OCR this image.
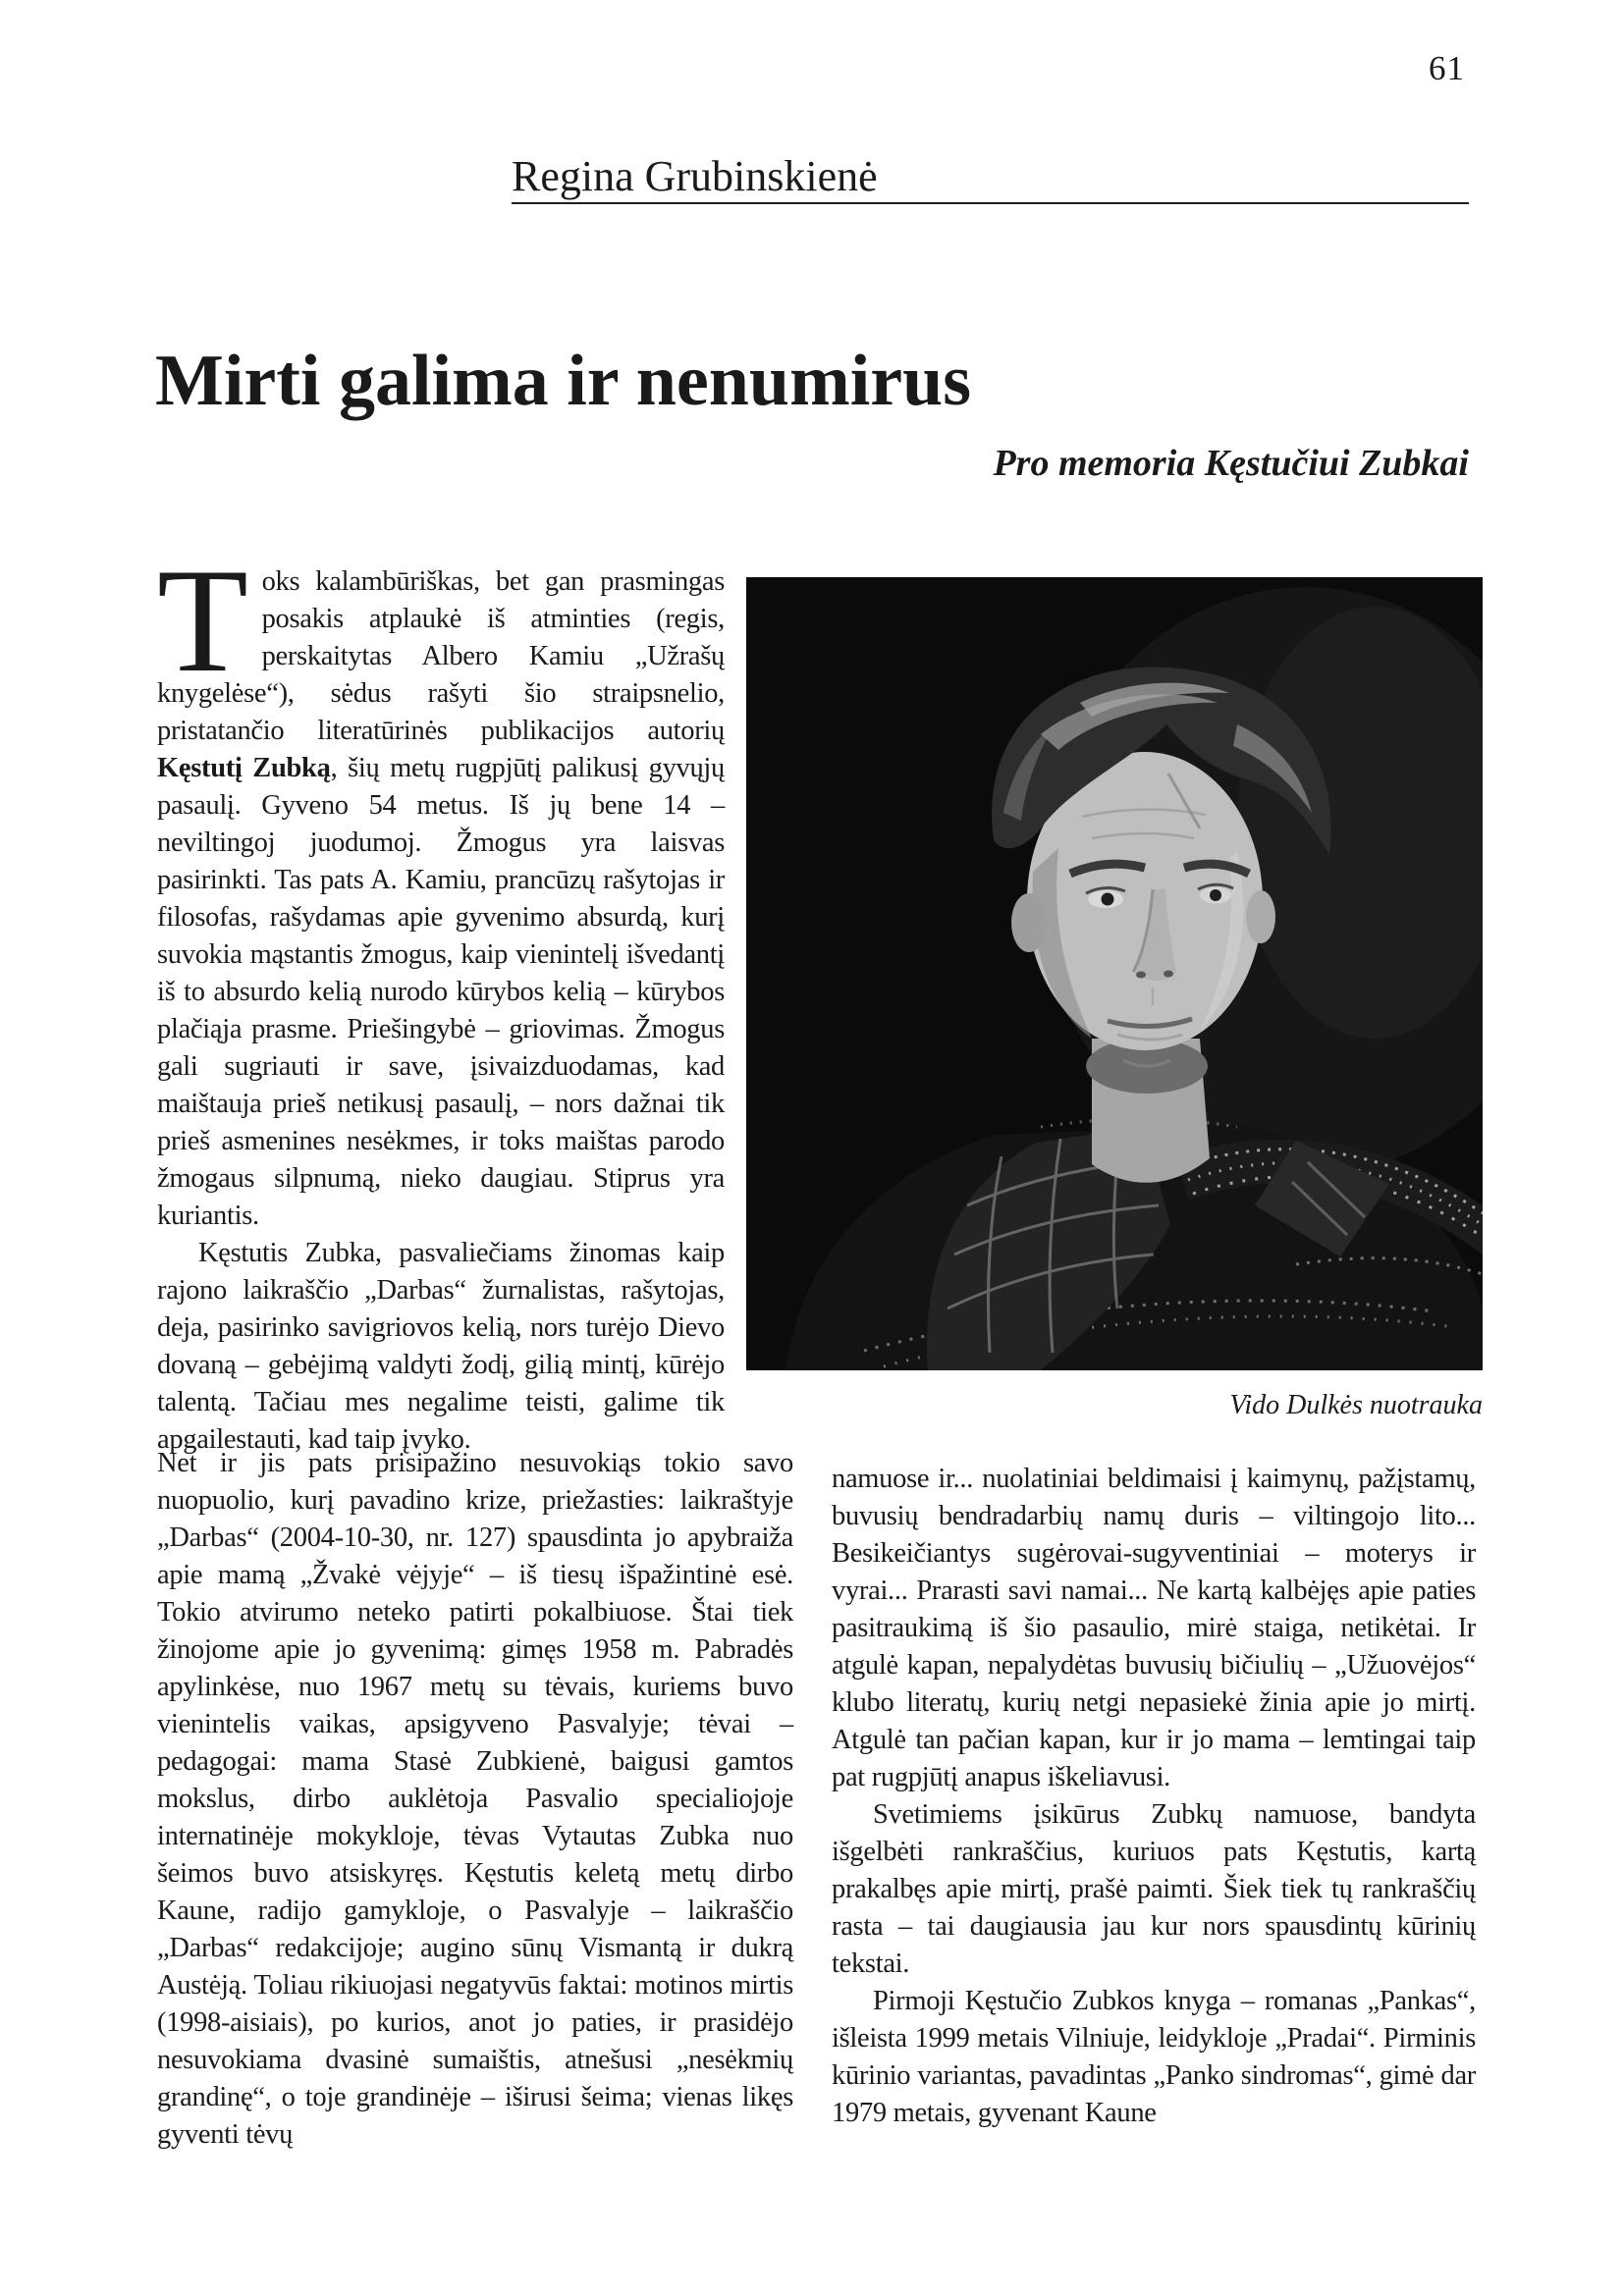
61
Regina Grubinskienė
Mirti galima ir nenumirus
Pro memoria Kęstučiui Zubkai

Toks kalambūriškas, bet gan prasmingas posakis atplaukė iš atminties (regis, perskaitytas Albero Kamiu „Užrašų knygelėse“), sėdus rašyti šio straipsnelio, pristatančio literatūrinės publikacijos autorių Kęstutį Zubką, šių metų rugpjūtį palikusį gyvųjų pasaulį. Gyveno 54 metus. Iš jų bene 14 – neviltingoj juodumoj. Žmogus yra laisvas pasirinkti. Tas pats A. Kamiu, prancūzų rašytojas ir filosofas, rašydamas apie gyvenimo absurdą, kurį suvokia mąstantis žmogus, kaip vienintelį išvedantį iš to absurdo kelią nurodo kūrybos kelią – kūrybos plačiąja prasme. Priešingybė – griovimas. Žmogus gali sugriauti ir save, įsivaizduodamas, kad maištauja prieš netikusį pasaulį, – nors dažnai tik prieš asmenines nesėkmes, ir toks maištas parodo žmogaus silpnumą, nieko daugiau. Stiprus yra kuriantis.

Kęstutis Zubka, pasvaliečiams žinomas kaip rajono laikraščio „Darbas“ žurnalistas, rašytojas, deja, pasirinko savigriovos kelią, nors turėjo Dievo dovaną – gebėjimą valdyti žodį, gilią mintį, kūrėjo talentą. Tačiau mes negalime teisti, galime tik apgailestauti, kad taip įvyko.

Vido Dulkės nuotrauka

Net ir jis pats prisipažino nesuvokiąs tokio savo nuopuolio, kurį pavadino krize, priežasties: laikraštyje „Darbas“ (2004-10-30, nr. 127) spausdinta jo apybraiža apie mamą „Žvakė vėjyje“ – iš tiesų išpažintinė esė. Tokio atvirumo neteko patirti pokalbiuose. Štai tiek žinojome apie jo gyvenimą: gimęs 1958 m. Pabradės apylinkėse, nuo 1967 metų su tėvais, kuriems buvo vienintelis vaikas, apsigyveno Pasvalyje; tėvai – pedagogai: mama Stasė Zubkienė, baigusi gamtos mokslus, dirbo auklėtoja Pasvalio specialiojoje internatinėje mokykloje, tėvas Vytautas Zubka nuo šeimos buvo atsiskyręs. Kęstutis keletą metų dirbo Kaune, radijo gamykloje, o Pasvalyje – laikraščio „Darbas“ redakcijoje; augino sūnų Vismantą ir dukrą Austėją. Toliau rikiuojasi negatyvūs faktai: motinos mirtis (1998-aisiais), po kurios, anot jo paties, ir prasidėjo nesuvokiama dvasinė sumaištis, atnešusi „nesėkmių grandinę“, o toje grandinėje – iširusi šeima; vienas likęs gyventi tėvų

namuose ir... nuolatiniai beldimaisi į kaimynų, pažįstamų, buvusių bendradarbių namų duris – viltingojo lito... Besikeičiantys sugėrovai-sugyventiniai – moterys ir vyrai... Prarasti savi namai... Ne kartą kalbėjęs apie paties pasitraukimą iš šio pasaulio, mirė staiga, netikėtai. Ir atgulė kapan, nepalydėtas buvusių bičiulių – „Užuovėjos“ klubo literatų, kurių netgi nepasiekė žinia apie jo mirtį. Atgulė tan pačian kapan, kur ir jo mama – lemtingai taip pat rugpjūtį anapus iškeliavusi.

Svetimiems įsikūrus Zubkų namuose, bandyta išgelbėti rankraščius, kuriuos pats Kęstutis, kartą prakalbęs apie mirtį, prašė paimti. Šiek tiek tų rankraščių rasta – tai daugiausia jau kur nors spausdintų kūrinių tekstai.

Pirmoji Kęstučio Zubkos knyga – romanas „Pankas“, išleista 1999 metais Vilniuje, leidykloje „Pradai“. Pirminis kūrinio variantas, pavadintas „Panko sindromas“, gimė dar 1979 metais, gyvenant Kaune
